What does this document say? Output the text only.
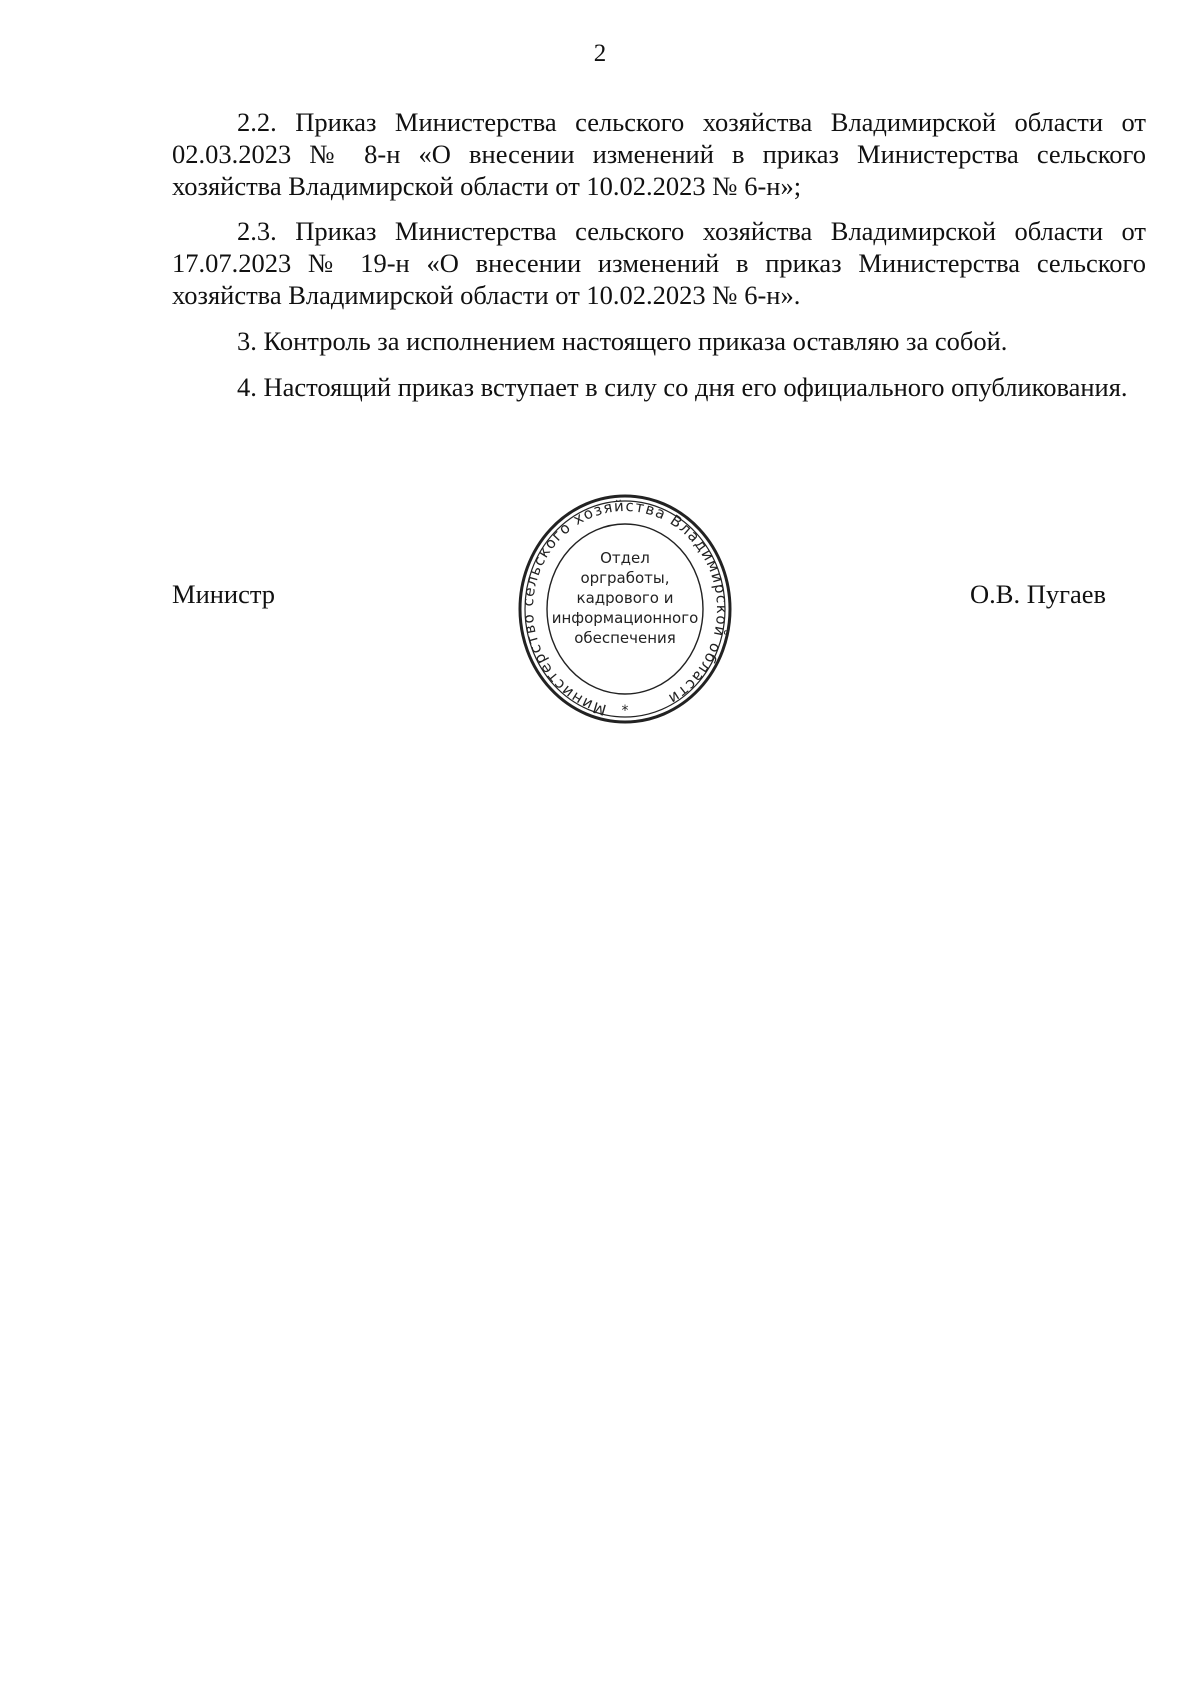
2

2.2. Приказ Министерства сельского хозяйства Владимирской области от 02.03.2023 № 8-н «О внесении изменений в приказ Министерства сельского хозяйства Владимирской области от 10.02.2023 № 6-н»;

2.3. Приказ Министерства сельского хозяйства Владимирской области от 17.07.2023 № 19-н «О внесении изменений в приказ Министерства сельского хозяйства Владимирской области от 10.02.2023 № 6-н».

3. Контроль за исполнением настоящего приказа оставляю за собой.

4. Настоящий приказ вступает в силу со дня его официального опубликования.

Министр	О.В. Пугаев
Министерство сельского хозяйства Владимирской области
*
Отдел
оргработы,
кадрового и
информационного
обеспечения
